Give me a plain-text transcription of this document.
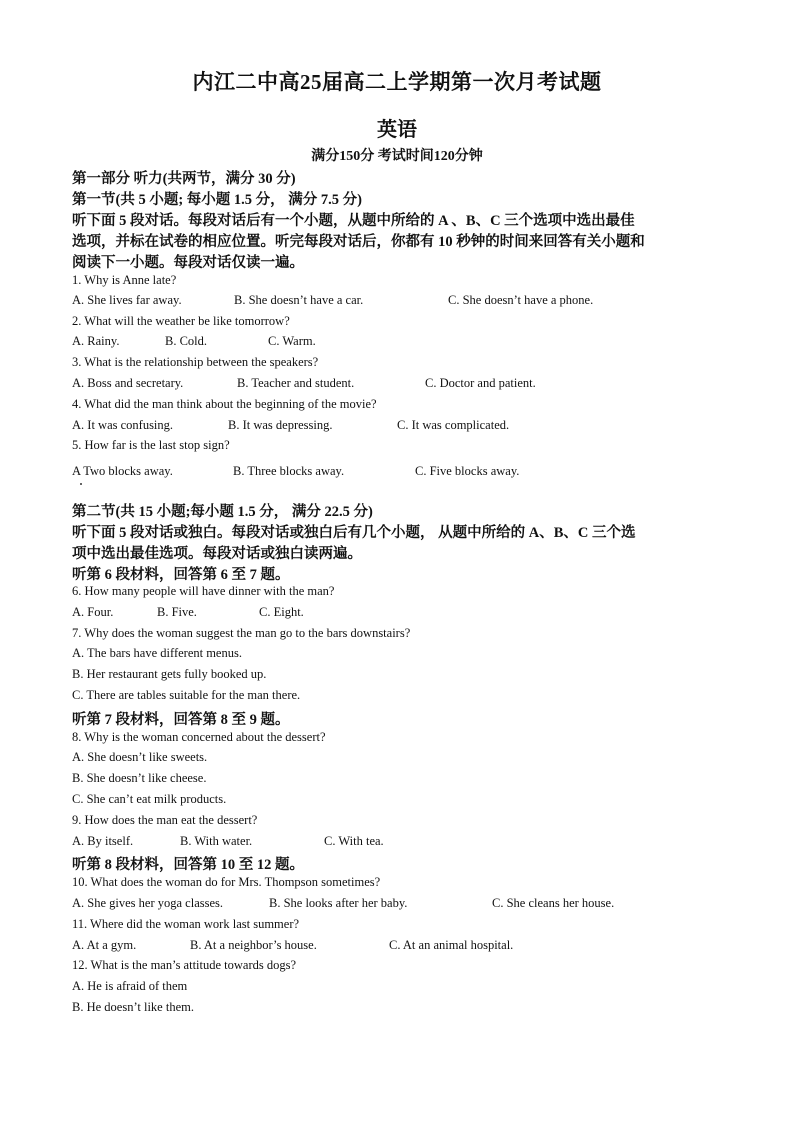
内江二中高25届高二上学期第一次月考试题
英语
满分150分 考试时间120分钟
第一部分 听力(共两节，满分 30 分)
第一节(共 5 小题; 每小题 1.5 分， 满分 7.5 分)
听下面 5 段对话。每段对话后有一个小题，从题中所给的 A 、B、C 三个选项中选出最佳
选项，并标在试卷的相应位置。听完每段对话后，你都有 10 秒钟的时间来回答有关小题和
阅读下一小题。每段对话仅读一遍。
1. Why is Anne late?
A. She lives far away.	B. She doesn’t have a car.	C. She doesn’t have a phone.
2. What will the weather be like tomorrow?
A. Rainy.	B. Cold.	C. Warm.
3. What is the relationship between the speakers?
A. Boss and secretary.	B. Teacher and student.	C. Doctor and patient.
4. What did the man think about the beginning of the movie?
A. It was confusing.	B. It was depressing.	C. It was complicated.
5. How far is the last stop sign?
A Two blocks away.	B. Three blocks away.	C. Five blocks away.
第二节(共 15 小题;每小题 1.5 分， 满分 22.5 分)
听下面 5 段对话或独白。每段对话或独白后有几个小题， 从题中所给的 A、B、C 三个选
项中选出最佳选项。每段对话或独白读两遍。
听第 6 段材料，回答第 6 至 7 题。
6. How many people will have dinner with the man?
A. Four.	B. Five.	C. Eight.
7. Why does the woman suggest the man go to the bars downstairs?
A. The bars have different menus.
B. Her restaurant gets fully booked up.
C. There are tables suitable for the man there.
听第 7 段材料，回答第 8 至 9 题。
8. Why is the woman concerned about the dessert?
A. She doesn’t like sweets.
B. She doesn’t like cheese.
C. She can’t eat milk products.
9. How does the man eat the dessert?
A. By itself.	B. With water.	C. With tea.
听第 8 段材料，回答第 10 至 12 题。
10. What does the woman do for Mrs. Thompson sometimes?
A. She gives her yoga classes.	B. She looks after her baby.	C. She cleans her house.
11. Where did the woman work last summer?
A. At a gym.	B. At a neighbor’s house.	C. At an animal hospital.
12. What is the man’s attitude towards dogs?
A. He is afraid of them
B. He doesn’t like them.
